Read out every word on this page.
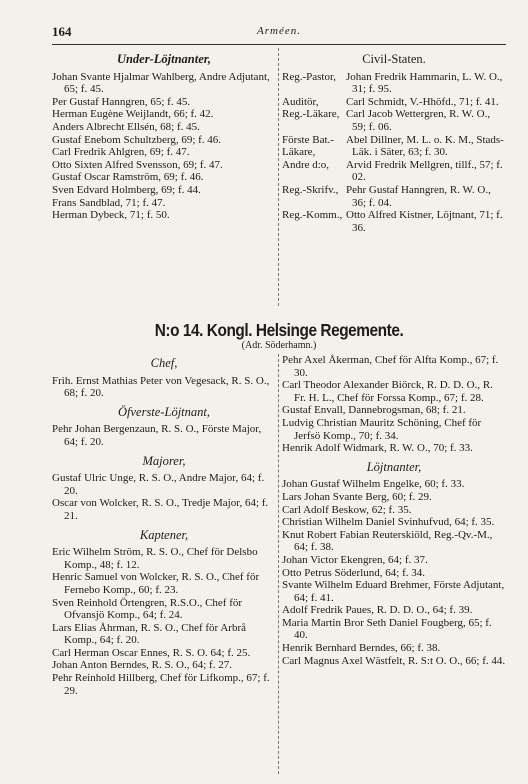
164	Arméen.
Under-Löjtnanter,
Johan Svante Hjalmar Wahlberg, Andre Adjutant, 65; f. 45.
Per Gustaf Hanngren, 65; f. 45.
Herman Eugène Weijlandt, 66; f. 42.
Anders Albrecht Ellsén, 68; f. 45.
Gustaf Enebom Schultzberg, 69; f. 46.
Carl Fredrik Ahlgren, 69; f. 47.
Otto Sixten Alfred Svensson, 69; f. 47.
Gustaf Oscar Ramström, 69; f. 46.
Sven Edvard Holmberg, 69; f. 44.
Frans Sandblad, 71; f. 47.
Herman Dybeck, 71; f. 50.
Civil-Staten.
Reg.-Pastor, Johan Fredrik Hammarin, L. W. O., 31; f. 95.
Auditör,	Carl Schmidt, V.-Hhöfd., 71; f. 41.
Reg.-Läkare, Carl Jacob Wettergren, R. W. O., 59; f. 06.
Förste Bat.-Läkare,
Abel Dillner, M. L. o. K. M., Stads-Läk. i Säter, 63; f. 30.
Andre d:o,	Arvid Fredrik Mellgren, tillf., 57; f. 02.
Reg.-Skrifv., Pehr Gustaf Hanngren, R. W. O., 36; f. 04.
Reg.-Komm., Otto Alfred Kistner, Löjtnant, 71; f. 36.
N:o 14. Kongl. Helsinge Regemente.
(Adr. Söderhamn.)
Chef,
Frih. Ernst Mathias Peter von Vegesack, R. S. O., 68; f. 20.
Öfverste-Löjtnant,
Pehr Johan Bergenzaun, R. S. O., Förste Major, 64; f. 20.
Majorer,
Gustaf Ulric Unge, R. S. O., Andre Major, 64; f. 20.
Oscar von Wolcker, R. S. O., Tredje Major, 64; f. 21.
Kaptener,
Eric Wilhelm Ström, R. S. O., Chef för Delsbo Komp., 48; f. 12.
Henric Samuel von Wolcker, R. S. O., Chef för Fernebo Komp., 60; f. 23.
Sven Reinhold Örtengren, R.S.O., Chef för Ofvansjö Komp., 64; f. 24.
Lars Elias Åhrman, R. S. O., Chef för Arbrå Komp., 64; f. 20.
Carl Herman Oscar Ennes, R. S. O. 64; f. 25.
Johan Anton Berndes, R. S. O., 64; f. 27.
Pehr Reinhold Hillberg, Chef för Lifkomp., 67; f. 29.
Pehr Axel Åkerman, Chef för Alfta Komp., 67; f. 30.
Carl Theodor Alexander Biörck, R. D. D. O., R. Fr. H. L., Chef för Forssa Komp., 67; f. 28.
Gustaf Envall, Dannebrogsman, 68; f. 21.
Ludvig Christian Mauritz Schöning, Chef för Jerfsö Komp., 70; f. 34.
Henrik Adolf Widmark, R. W. O., 70; f. 33.
Löjtnanter,
Johan Gustaf Wilhelm Engelke, 60; f. 33.
Lars Johan Svante Berg, 60; f. 29.
Carl Adolf Beskow, 62; f. 35.
Christian Wilhelm Daniel Svinhufvud, 64; f. 35.
Knut Robert Fabian Reuterskiöld, Reg.-Qv.-M., 64; f. 38.
Johan Victor Ekengren, 64; f. 37.
Otto Petrus Söderlund, 64; f. 34.
Svante Wilhelm Eduard Brehmer, Förste Adjutant, 64; f. 41.
Adolf Fredrik Paues, R. D. D. O., 64; f. 39.
Maria Martin Bror Seth Daniel Fougberg, 65; f. 40.
Henrik Bernhard Berndes, 66; f. 38.
Carl Magnus Axel Wästfelt, R. S:t O. O., 66; f. 44.
